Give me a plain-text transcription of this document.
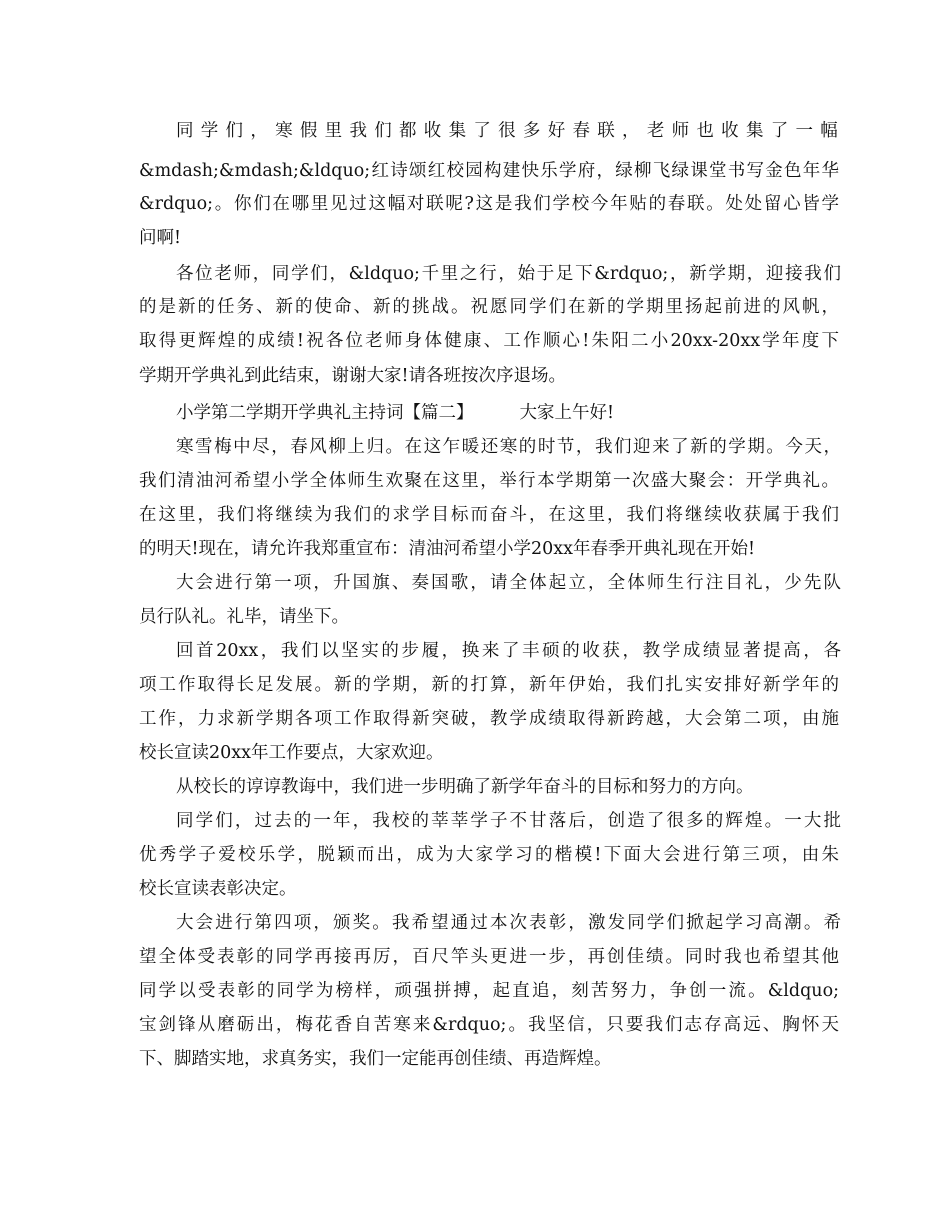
同学们，寒假里我们都收集了很多好春联，老师也收集了一幅
&mdash;&mdash;&ldquo;红诗颂红校园构建快乐学府，绿柳飞绿课堂书写金色年华
&rdquo;。你们在哪里见过这幅对联呢?这是我们学校今年贴的春联。处处留心皆学
问啊!
各位老师，同学们，&ldquo;千里之行，始于足下&rdquo;，新学期，迎接我们
的是新的任务、新的使命、新的挑战。祝愿同学们在新的学期里扬起前进的风帆，
取得更辉煌的成绩!祝各位老师身体健康、工作顺心!朱阳二小20xx-20xx学年度下
学期开学典礼到此结束，谢谢大家!请各班按次序退场。
小学第二学期开学典礼主持词【篇二】	大家上午好!
寒雪梅中尽，春风柳上归。在这乍暖还寒的时节，我们迎来了新的学期。今天，
我们清油河希望小学全体师生欢聚在这里，举行本学期第一次盛大聚会：开学典礼。
在这里，我们将继续为我们的求学目标而奋斗，在这里，我们将继续收获属于我们
的明天!现在，请允许我郑重宣布：清油河希望小学20xx年春季开典礼现在开始!
大会进行第一项，升国旗、奏国歌，请全体起立，全体师生行注目礼，少先队
员行队礼。礼毕，请坐下。
回首20xx，我们以坚实的步履，换来了丰硕的收获，教学成绩显著提高，各
项工作取得长足发展。新的学期，新的打算，新年伊始，我们扎实安排好新学年的
工作，力求新学期各项工作取得新突破，教学成绩取得新跨越，大会第二项，由施
校长宣读20xx年工作要点，大家欢迎。
从校长的谆谆教诲中，我们进一步明确了新学年奋斗的目标和努力的方向。
同学们，过去的一年，我校的莘莘学子不甘落后，创造了很多的辉煌。一大批
优秀学子爱校乐学，脱颖而出，成为大家学习的楷模!下面大会进行第三项，由朱
校长宣读表彰决定。
大会进行第四项，颁奖。我希望通过本次表彰，激发同学们掀起学习高潮。希
望全体受表彰的同学再接再厉，百尺竿头更进一步，再创佳绩。同时我也希望其他
同学以受表彰的同学为榜样，顽强拼搏，起直追，刻苦努力，争创一流。&ldquo;
宝剑锋从磨砺出，梅花香自苦寒来&rdquo;。我坚信，只要我们志存高远、胸怀天
下、脚踏实地，求真务实，我们一定能再创佳绩、再造辉煌。
